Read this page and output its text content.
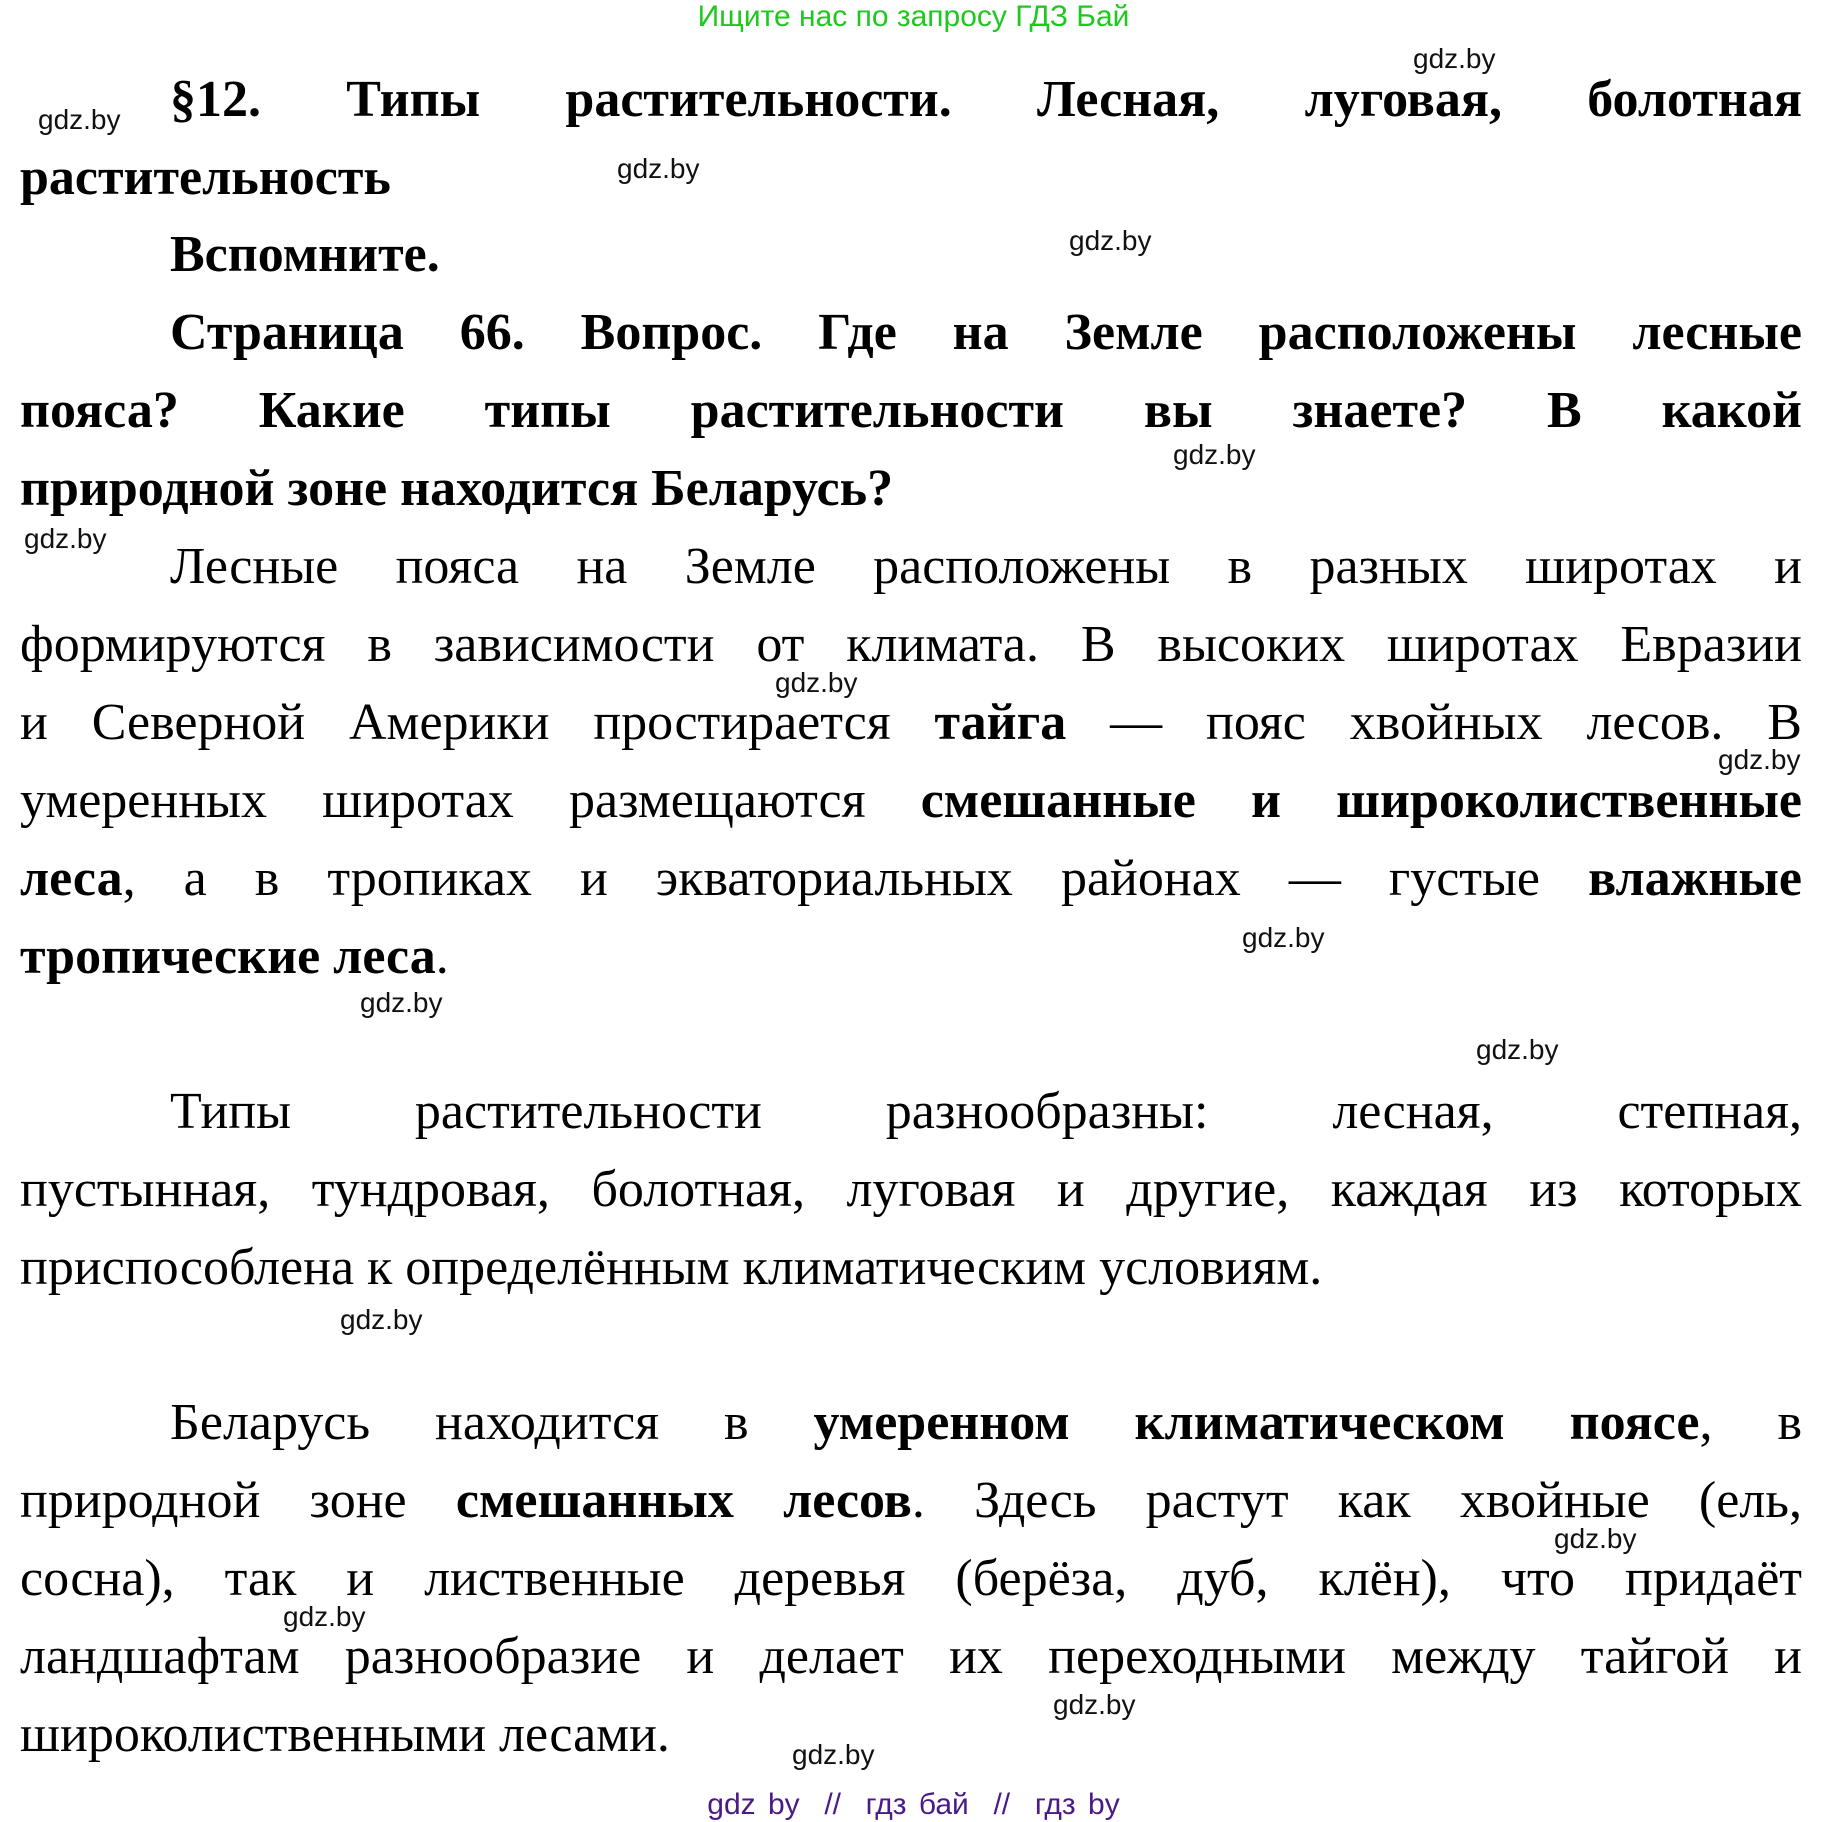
Ищите нас по запросу ГДЗ Бай
gdz.by
gdz.by
gdz.by
gdz.by
gdz.by
gdz.by
gdz.by
gdz.by
gdz.by
gdz.by
gdz.by
gdz.by
gdz.by
gdz.by
gdz.by
gdz.by
§12. Типы растительности. Лесная, луговая, болотная
растительность
Вспомните.
Страница 66. Вопрос. Где на Земле расположены лесные
пояса? Какие типы растительности вы знаете? В какой
природной зоне находится Беларусь?
Лесные пояса на Земле расположены в разных широтах и
формируются в зависимости от климата. В высоких широтах Евразии
и Северной Америки простирается тайга — пояс хвойных лесов. В
умеренных широтах размещаются смешанные и широколиственные
леса, а в тропиках и экваториальных районах — густые влажные
тропические леса.
Типы растительности разнообразны: лесная, степная,
пустынная, тундровая, болотная, луговая и другие, каждая из которых
приспособлена к определённым климатическим условиям.
Беларусь находится в умеренном климатическом поясе, в
природной зоне смешанных лесов. Здесь растут как хвойные (ель,
сосна), так и лиственные деревья (берёза, дуб, клён), что придаёт
ландшафтам разнообразие и делает их переходными между тайгой и
широколиственными лесами.
gdz by  //  гдз бай  //  гдз by
